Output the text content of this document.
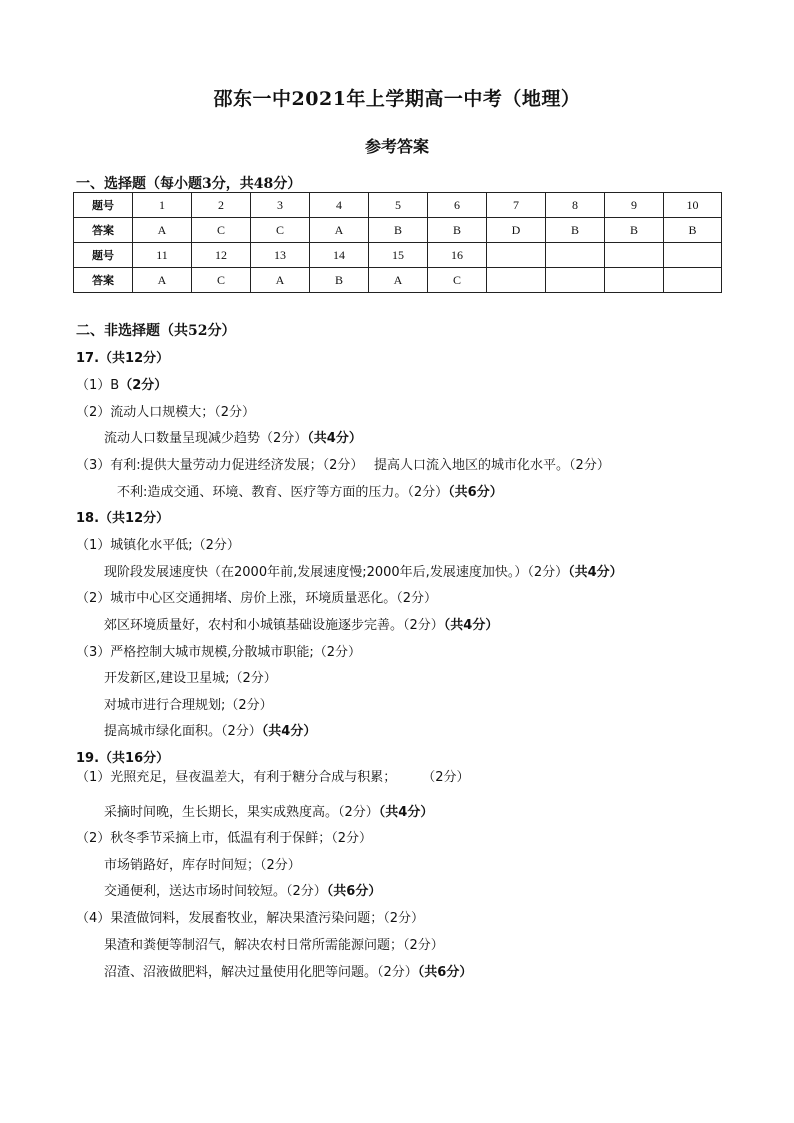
邵东一中2021年上学期高一中考（地理）
参考答案
一、选择题（每小题3分，共48分）
题号	1	2	3	4	5	6	7	8	9	10
答案	A	C	C	A	B	B	D	B	B	B
题号	11	12	13	14	15	16				
答案	A	C	A	B	A	C				
二、非选择题（共52分）
17.（共12分）
（1）B（2分）
（2）流动人口规模大；（2分）
流动人口数量呈现减少趋势（2分）（共4分）
（3）有利:提供大量劳动力促进经济发展；（2分）　 提高人口流入地区的城市化水平。（2分）
不利:造成交通、环境、教育、医疗等方面的压力。（2分）（共6分）
18.（共12分）
（1）城镇化水平低;（2分）
现阶段发展速度快（在2000年前,发展速度慢;2000年后,发展速度加快。）（2分）（共4分）
（2）城市中心区交通拥堵、房价上涨，环境质量恶化。（2分）
郊区环境质量好，农村和小城镇基础设施逐步完善。（2分）（共4分）
（3）严格控制大城市规模,分散城市职能;（2分）
开发新区,建设卫星城;（2分）
对城市进行合理规划;（2分）
提高城市绿化面积。（2分）（共4分）
19.（共16分）
（1）光照充足，昼夜温差大，有利于糖分合成与积累；　　　（2分）
采摘时间晚，生长期长，果实成熟度高。（2分）（共4分）
（2）秋冬季节采摘上市，低温有利于保鲜；（2分）
市场销路好，库存时间短；（2分）
交通便利，送达市场时间较短。（2分）（共6分）
（4）果渣做饲料，发展畜牧业，解决果渣污染问题；（2分）
果渣和粪便等制沼气，解决农村日常所需能源问题；（2分）
沼渣、沼液做肥料，解决过量使用化肥等问题。（2分）（共6分）
